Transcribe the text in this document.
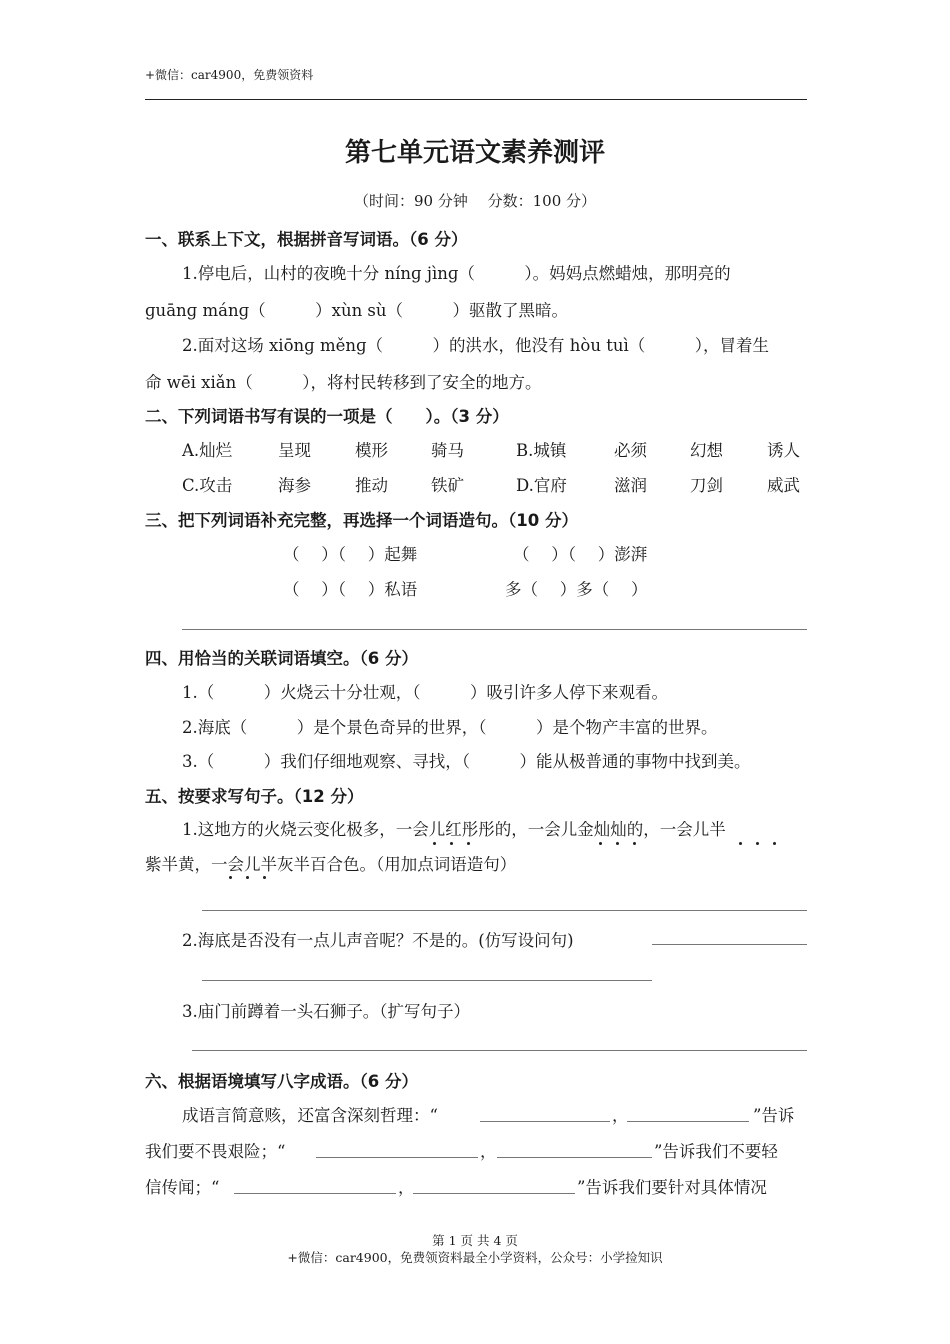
+微信：car4900，免费领资料
第七单元语文素养测评
（时间：90 分钟　 分数：100 分）
一、联系上下文，根据拼音写词语。（6 分）
1.停电后，山村的夜晚十分 nínɡ jìnɡ（　　　）。妈妈点燃蜡烛，那明亮的
ɡuānɡ mánɡ（　　　）xùn sù（　　　）驱散了黑暗。
2.面对这场 xiōnɡ měnɡ（　　　）的洪水，他没有 hòu tuì（　　　），冒着生
命 wēi xiǎn（　　　），将村民转移到了安全的地方。
二、下列词语书写有误的一项是（　　）。（3 分）
A.灿烂	呈现	模形	骑马	B.城镇	必须	幻想	诱人
C.攻击	海参	推动	铁矿	D.官府	滋润	刀剑	威武
三、把下列词语补充完整，再选择一个词语造句。（10 分）
（　 ）（　 ）起舞	（　 ）（　 ）澎湃
（　 ）（　 ）私语	多（　 ）多（　 ）
四、用恰当的关联词语填空。（6 分）
1.（　　　）火烧云十分壮观，（　　　）吸引许多人停下来观看。
2.海底（　　　）是个景色奇异的世界，（　　　）是个物产丰富的世界。
3.（　　　）我们仔细地观察、寻找，（　　　）能从极普通的事物中找到美。
五、按要求写句子。（12 分）
1.这地方的火烧云变化极多，一会儿红彤彤的，一会儿金灿灿的，一会儿半
紫半黄，一会儿半灰半百合色。（用加点词语造句）
2.海底是否没有一点儿声音呢？不是的。(仿写设问句)
3.庙门前蹲着一头石狮子。（扩写句子）
六、根据语境填写八字成语。（6 分）
成语言简意赅，还富含深刻哲理：“	，	”告诉
我们要不畏艰险；“	，	”告诉我们不要轻
信传闻；“	，	”告诉我们要针对具体情况
第 1 页 共 4 页
+微信：car4900，免费领资料最全小学资料，公众号：小学捡知识
